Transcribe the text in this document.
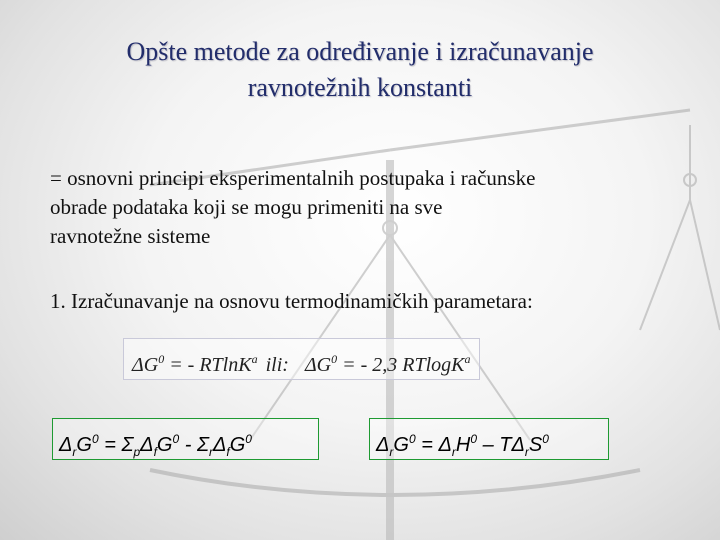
Opšte metode za određivanje i izračunavanje
ravnotežnih konstanti
= osnovni principi eksperimentalnih postupaka i računske
obrade podataka koji se mogu primeniti na sve
ravnotežne sisteme
1. Izračunavanje na osnovu termodinamičkih parametara:
$\Delta G^0$ = - RTlnK$^a$ ili: $\Delta G^0$ = - 2,3 RTlogK$^a$
$\Delta_rG^0 = \Sigma_p\Delta_fG^0 - \Sigma_r\Delta_fG^0$	$\Delta_rG^0 = \Delta_rH^0 - T\Delta_rS^0$
